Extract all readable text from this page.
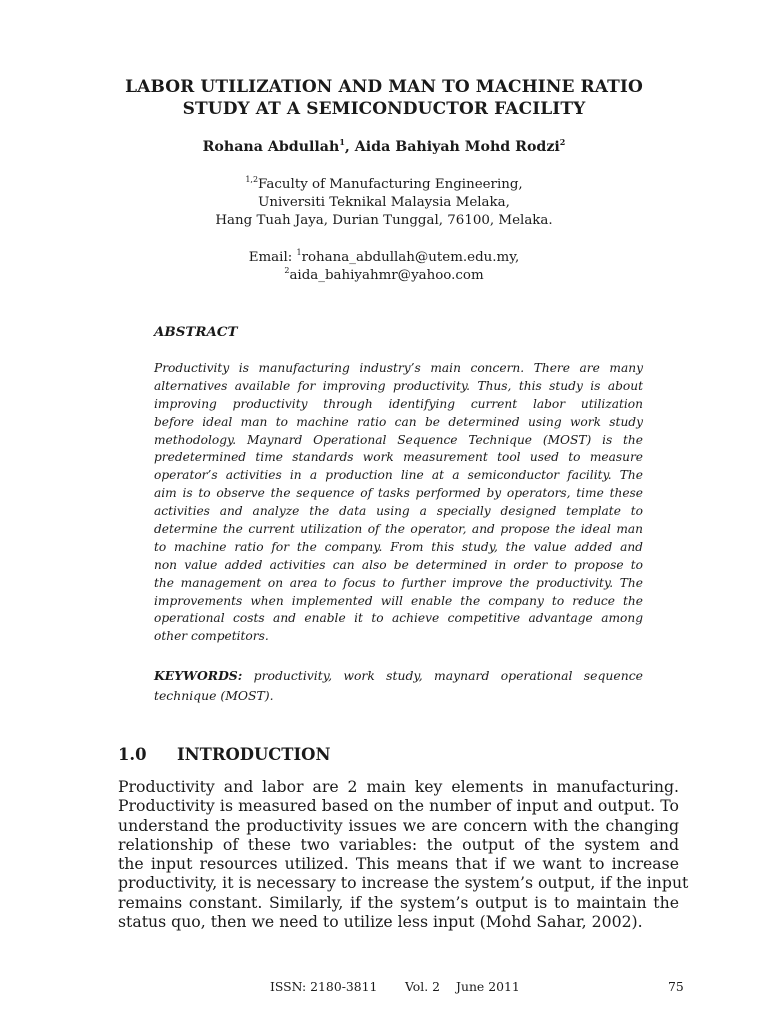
LABOR UTILIZATION AND MAN TO MACHINE RATIO
STUDY AT A SEMICONDUCTOR FACILITY
Rohana Abdullah$^1$, Aida Bahiyah Mohd Rodzi$^2$
$^{1,2}$Faculty of Manufacturing Engineering,
Universiti Teknikal Malaysia Melaka,
Hang Tuah Jaya, Durian Tunggal, 76100, Melaka.
Email: $^1$rohana_abdullah@utem.edu.my,
$^2$aida_bahiyahmr@yahoo.com
ABSTRACT
Productivity is manufacturing industry’s main concern. There are many
alternatives available for improving productivity. Thus, this study is about
improving productivity through identifying current labor utilization
before ideal man to machine ratio can be determined using work study
methodology. Maynard Operational Sequence Technique (MOST) is the
predetermined time standards work measurement tool used to measure
operator’s activities in a production line at a semiconductor facility. The
aim is to observe the sequence of tasks performed by operators, time these
activities and analyze the data using a specially designed template to
determine the current utilization of the operator, and propose the ideal man
to machine ratio for the company. From this study, the value added and
non value added activities can also be determined in order to propose to
the management on area to focus to further improve the productivity. The
improvements when implemented will enable the company to reduce the
operational costs and enable it to achieve competitive advantage among
other competitors.
KEYWORDS: productivity, work study, maynard operational sequence
technique (MOST).
1.0 INTRODUCTION
Productivity and labor are 2 main key elements in manufacturing.
Productivity is measured based on the number of input and output. To
understand the productivity issues we are concern with the changing
relationship of these two variables: the output of the system and
the input resources utilized. This means that if we want to increase
productivity, it is necessary to increase the system’s output, if the input
remains constant. Similarly, if the system’s output is to maintain the
status quo, then we need to utilize less input (Mohd Sahar, 2002).
ISSN: 2180-3811 Vol. 2 June 2011	75
